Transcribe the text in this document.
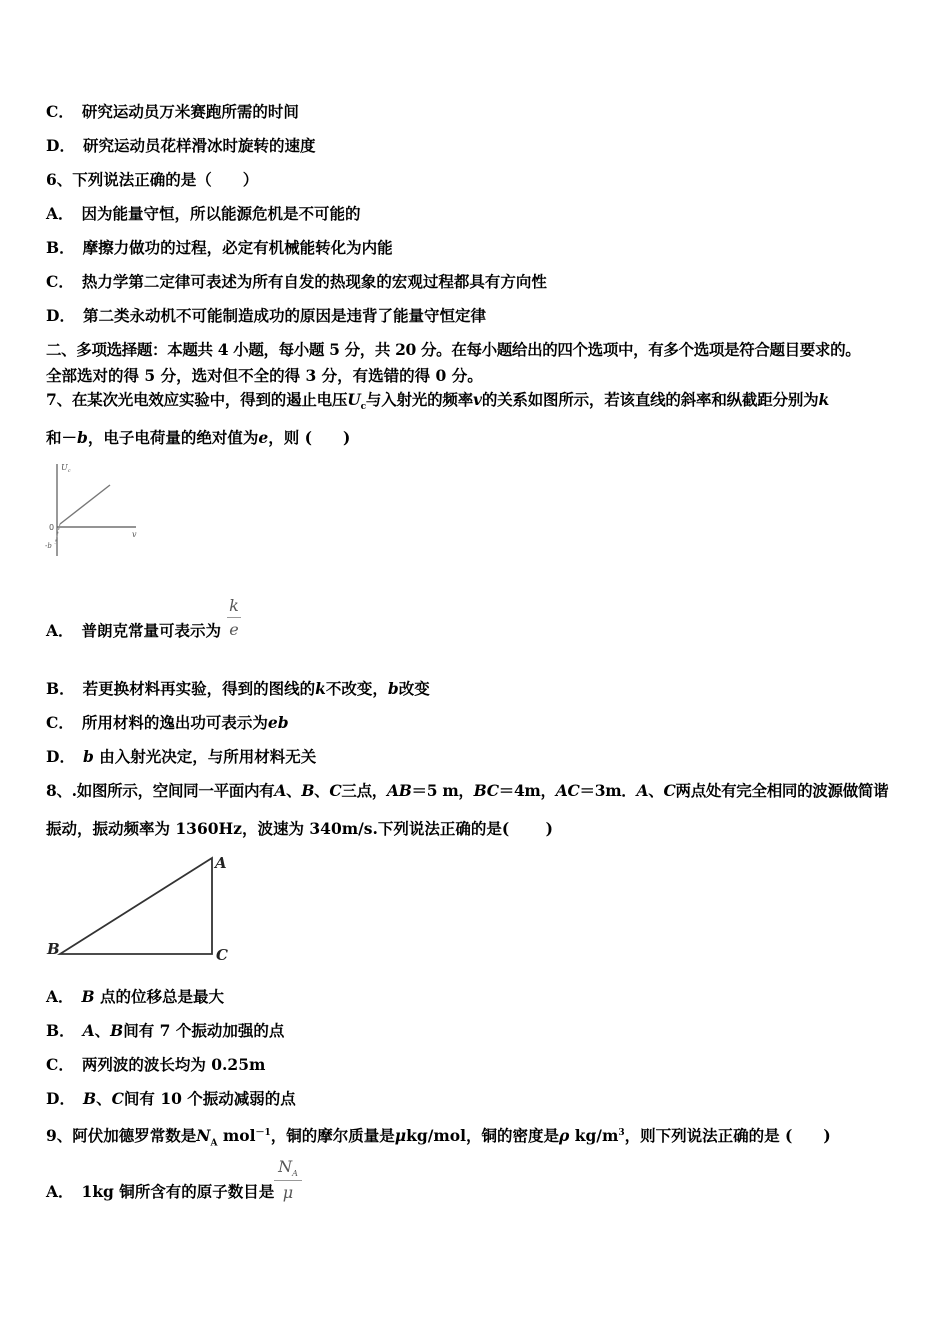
C． 研究运动员万米赛跑所需的时间
D． 研究运动员花样滑冰时旋转的速度
6、下列说法正确的是（　　）
A． 因为能量守恒，所以能源危机是不可能的
B． 摩擦力做功的过程，必定有机械能转化为内能
C． 热力学第二定律可表述为所有自发的热现象的宏观过程都具有方向性
D． 第二类永动机不可能制造成功的原因是违背了能量守恒定律
二、多项选择题：本题共 4 小题，每小题 5 分，共 20 分。在每小题给出的四个选项中，有多个选项是符合题目要求的。
全部选对的得 5 分，选对但不全的得 3 分，有选错的得 0 分。
7、在某次光电效应实验中，得到的遏止电压$U_c$与入射光的频率v的关系如图所示，若该直线的斜率和纵截距分别为k
和－b，电子电荷量的绝对值为e，则 (　　)
$U_c$
0
v
-b
A． 普朗克常量可表示为
k
e
B． 若更换材料再实验，得到的图线的k不改变，b改变
C． 所用材料的逸出功可表示为eb
D． b 由入射光决定，与所用材料无关
8、.如图所示，空间同一平面内有A、B、C三点，AB＝5 m，BC＝4m，AC＝3m．A、C两点处有完全相同的波源做简谐
振动，振动频率为 1360Hz，波速为 340m/s.下列说法正确的是(　　 )
A
B	C
A． B 点的位移总是最大
B． A、B间有 7 个振动加强的点
C． 两列波的波长均为 0.25m
D． B、C间有 10 个振动减弱的点
9、阿伏加德罗常数是$N_A$ mol$^{-1}$，铜的摩尔质量是μkg/mol，铜的密度是ρ $kg/m^3$，则下列说法正确的是 (　　)
A． 1kg 铜所含有的原子数目是
$N_A$
μ
